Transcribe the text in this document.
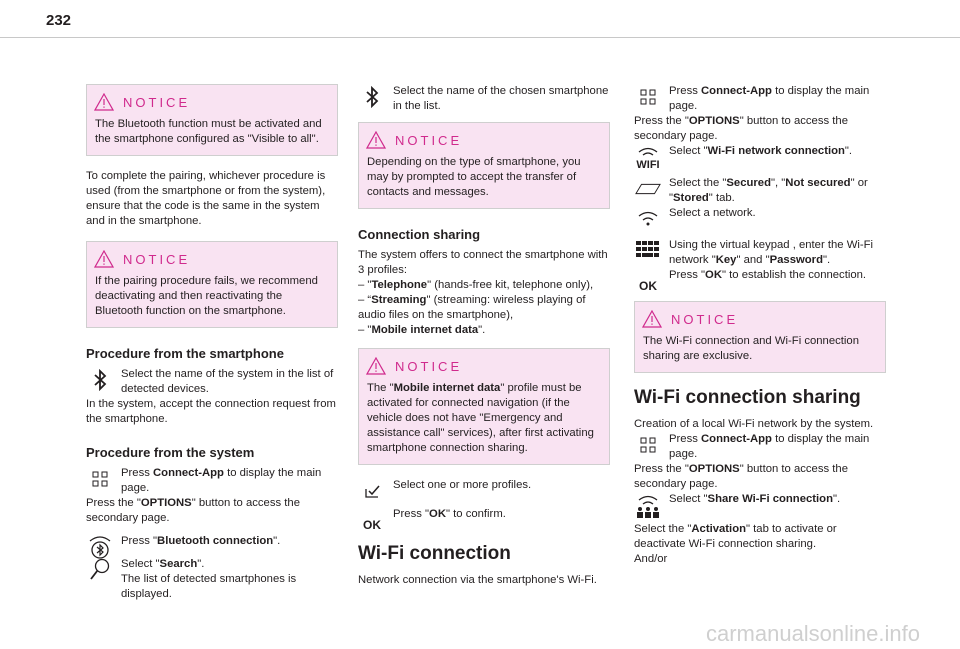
232
NOTICE
The Bluetooth function must be activated and the smartphone configured as "Visible to all".

To complete the pairing, whichever procedure is used (from the smartphone or from the system), ensure that the code is the same in the system and in the smartphone.

NOTICE
If the pairing procedure fails, we recommend deactivating and then reactivating the Bluetooth function on the smartphone.
Procedure from the smartphone
Select the name of the system in the list of detected devices.

In the system, accept the connection request from the smartphone.

Procedure from the system
Press Connect-App to display the main page.

Press the "OPTIONS" button to access the secondary page.

Press "Bluetooth connection".
Select "Search".
The list of detected smartphones is displayed.
Select the name of the chosen smartphone in the list.
NOTICE
Depending on the type of smartphone, you may by prompted to accept the transfer of contacts and messages.
Connection sharing

The system offers to connect the smartphone with 3 profiles:

– "Telephone" (hands-free kit, telephone only),
– “Streaming" (streaming: wireless playing of audio files on the smartphone),
– "Mobile internet data".
NOTICE
The "Mobile internet data" profile must be activated for connected navigation (if the vehicle does not have "Emergency and assistance call" services), after first activating smartphone connection sharing.
Select one or more profiles.
OK
Press "OK" to confirm.
Wi-Fi connection

Network connection via the smartphone's Wi-Fi.

Press Connect-App to display the main page.

Press the "OPTIONS" button to access the secondary page.

WIFI
Select "Wi-Fi network connection".
Select the "Secured", "Not secured" or "Stored" tab.
Select a network.
Using the virtual keypad , enter the Wi-Fi network "Key" and "Password".
OK
Press "OK" to establish the connection.
NOTICE
The Wi-Fi connection and Wi-Fi connection sharing are exclusive.
Wi-Fi connection sharing

Creation of a local Wi-Fi network by the system.

Press Connect-App to display the main page.

Press the "OPTIONS" button to access the secondary page.

Select "Share Wi-Fi connection".

Select the "Activation" tab to activate or deactivate Wi-Fi connection sharing.

And/or

carmanualsonline.info
